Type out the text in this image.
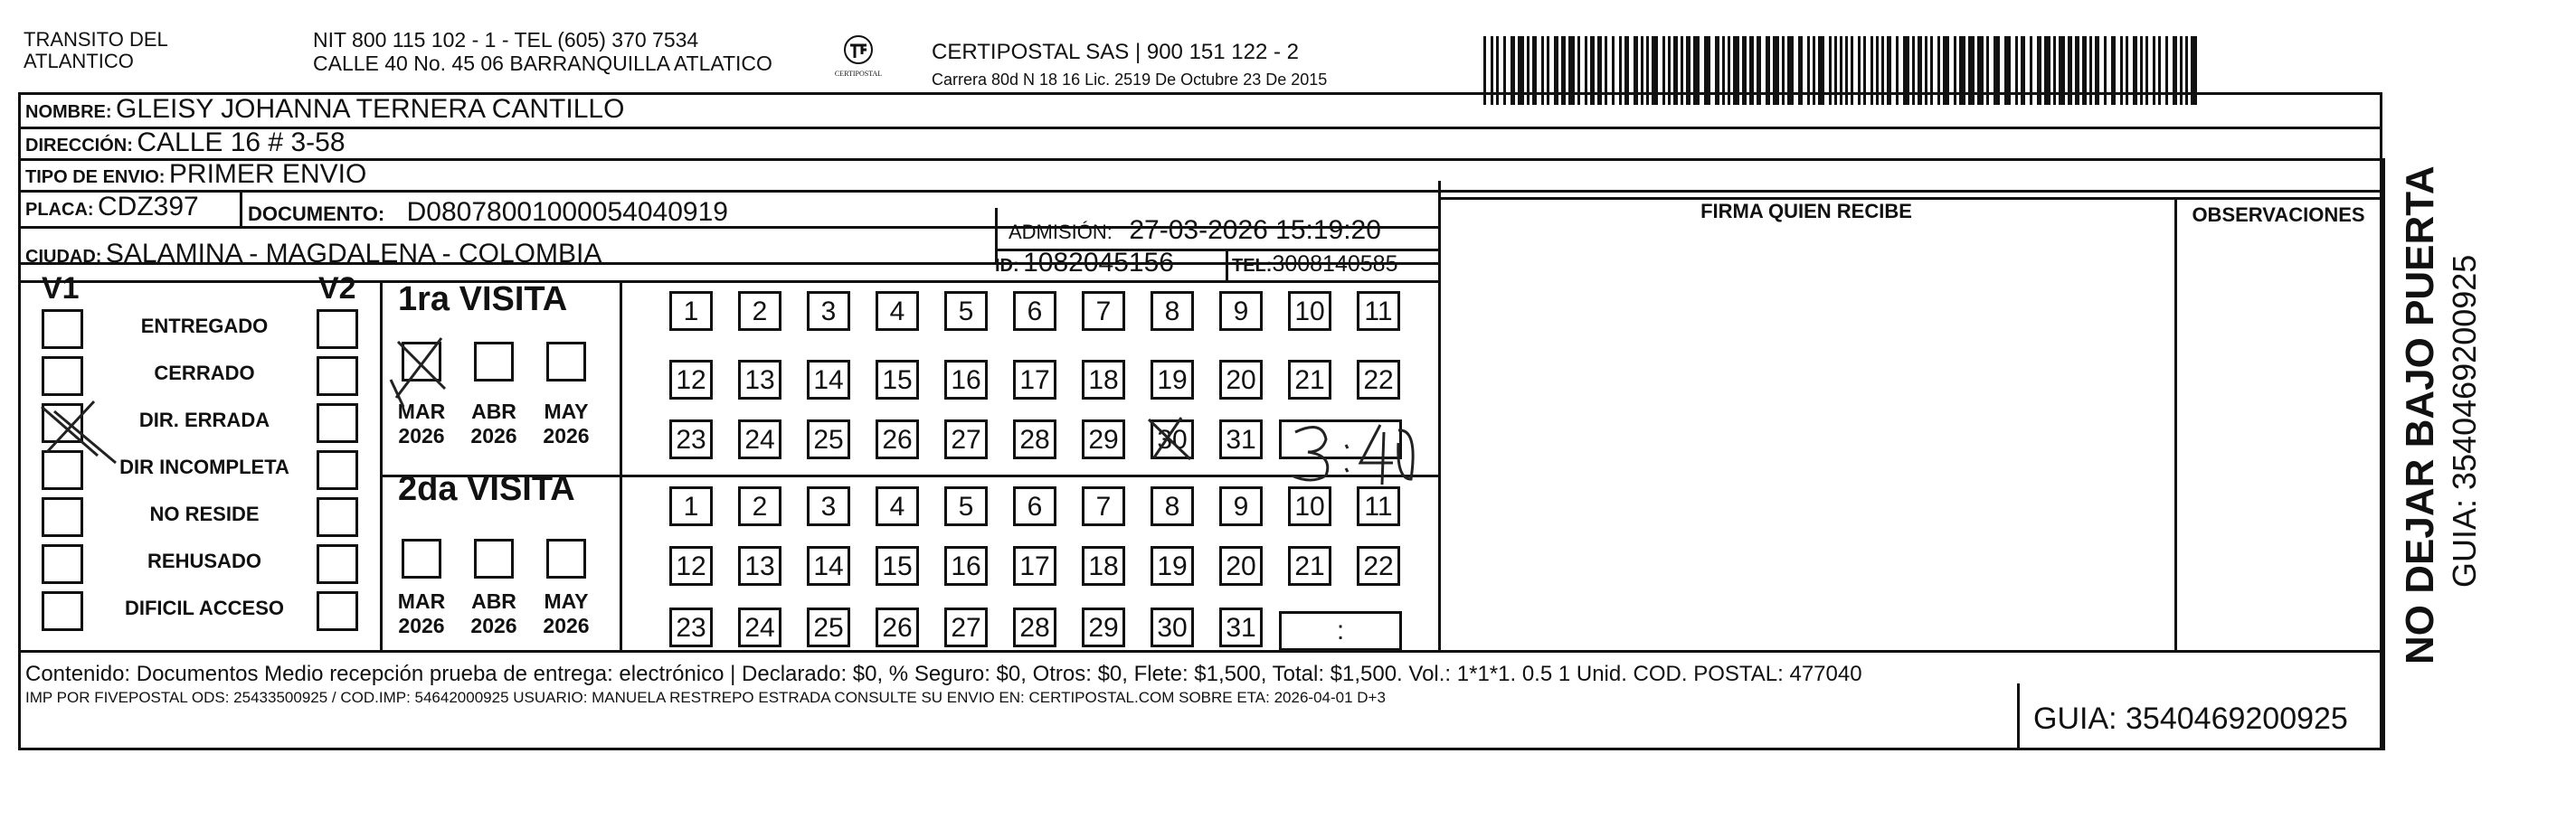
TRANSITO DEL
ATLANTICO
NIT 800 115 102 - 1 - TEL (605) 370 7534
CALLE 40 No. 45 06 BARRANQUILLA ATLATICO	CERTIPOSTAL
CERTIPOSTAL SAS | 900 151 122 - 2
Carrera 80d N 18 16 Lic. 2519 De Octubre 23 De 2015
NOMBRE: GLEISY JOHANNA TERNERA CANTILLO
DIRECCIÓN: CALLE 16 # 3-58
TIPO DE ENVIO: PRIMER ENVIO
PLACA: CDZ397 DOCUMENTO: D08078001000054040919
ADMISIÓN: 27-03-2026 15:19:20
CIUDAD: SALAMINA - MAGDALENA - COLOMBIA	ID: 1082045156	TEL:3008140585
FIRMA QUIEN RECIBE	OBSERVACIONES
V1	V2
ENTREGADO
CERRADO
DIR. ERRADA
DIR INCOMPLETA
NO RESIDE
REHUSADO
DIFICIL ACCESO
1ra VISITA
2da VISITA
MAR
2026
ABR
2026
MAY
2026
MAR
2026
ABR
2026
MAY
2026
1	2	3	4	5	6	7	8	9	10 11
12 13 14 15 16 17 18 19 20 21 22
23 24 25 26 27 28 29 30 31
1	2	3	4	5	6	7	8	9	10 11
12 13 14 15 16 17 18 19 20 21 22
23 24 25 26 27 28 29 30 31	:
Contenido: Documentos Medio recepción prueba de entrega: electrónico | Declarado: $0, % Seguro: $0, Otros: $0, Flete: $1,500, Total: $1,500. Vol.: 1*1*1. 0.5 1 Unid. COD. POSTAL: 477040
IMP POR FIVEPOSTAL ODS: 25433500925 / COD.IMP: 54642000925 USUARIO: MANUELA RESTREPO ESTRADA CONSULTE SU ENVIO EN: CERTIPOSTAL.COM SOBRE ETA: 2026-04-01 D+3
GUIA: 3540469200925
NO DEJAR BAJO PUERTA GUIA: 3540469200925
